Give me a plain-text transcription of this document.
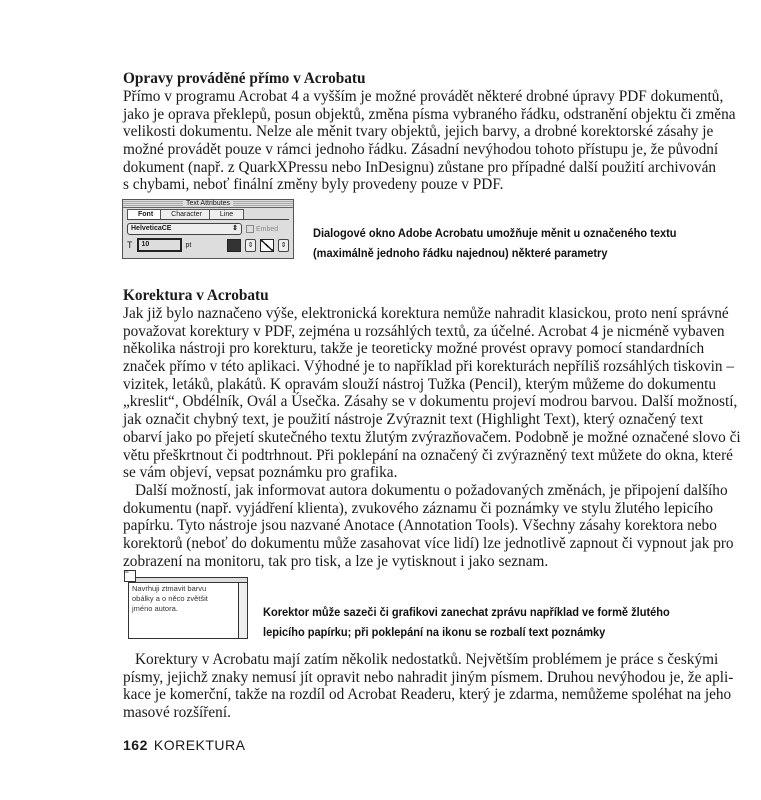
Opravy prováděné přímo v Acrobatu
Přímo v programu Acrobat 4 a vyšším je možné provádět některé drobné úpravy PDF dokumentů,
jako je oprava překlepů, posun objektů, změna písma vybraného řádku, odstranění objektu či změna
velikosti dokumentu. Nelze ale měnit tvary objektů, jejich barvy, a drobné korektorské zásahy je
možné provádět pouze v rámci jednoho řádku. Zásadní nevýhodou tohoto přístupu je, že původní
dokument (např. z QuarkXPressu nebo InDesignu) zůstane pro případné další použití archivován
s chybami, neboť finální změny byly provedeny pouze v PDF.
Text Attributes
Font	Character	Line
HelveticaCE ⇕	Embed
T	10	pt	⇕	⇕
Dialogové okno Adobe Acrobatu umožňuje měnit u označeného textu
(maximálně jednoho řádku najednou) některé parametry
Korektura v Acrobatu
Jak již bylo naznačeno výše, elektronická korektura nemůže nahradit klasickou, proto není správné
považovat korektury v PDF, zejména u rozsáhlých textů, za účelné. Acrobat 4 je nicméně vybaven
několika nástroji pro korekturu, takže je teoreticky možné provést opravy pomocí standardních
značek přímo v této aplikaci. Výhodné je to například při korekturách nepříliš rozsáhlých tiskovin –
vizitek, letáků, plakátů. K opravám slouží nástroj Tužka (Pencil), kterým můžeme do dokumentu
„kreslit“, Obdélník, Ovál a Úsečka. Zásahy se v dokumentu projeví modrou barvou. Další možností,
jak označit chybný text, je použití nástroje Zvýraznit text (Highlight Text), který označený text
obarví jako po přejetí skutečného textu žlutým zvýrazňovačem. Podobně je možné označené slovo či
větu přeškrtnout či podtrhnout. Při poklepání na označený či zvýrazněný text můžete do okna, které
se vám objeví, vepsat poznámku pro grafika.
Další možností, jak informovat autora dokumentu o požadovaných změnách, je připojení dalšího
dokumentu (např. vyjádření klienta), zvukového záznamu či poznámky ve stylu žlutého lepicího
papírku. Tyto nástroje jsou nazvané Anotace (Annotation Tools). Všechny zásahy korektora nebo
korektorů (neboť do dokumentu může zasahovat více lidí) lze jednotlivě zapnout či vypnout jak pro
zobrazení na monitoru, tak pro tisk, a lze je vytisknout i jako seznam.
Navrhuji ztmavit barvu
obálky a o něco zvětšit
jméno autora.
≡
Korektor může sazeči či grafikovi zanechat zprávu například ve formě žlutého
lepicího papírku; při poklepání na ikonu se rozbalí text poznámky
Korektury v Acrobatu mají zatím několik nedostatků. Největším problémem je práce s českými
písmy, jejichž znaky nemusí jít opravit nebo nahradit jiným písmem. Druhou nevýhodou je, že apli-
kace je komerční, takže na rozdíl od Acrobat Readeru, který je zdarma, nemůžeme spoléhat na jeho
masové rozšíření.
162 KOREKTURA
